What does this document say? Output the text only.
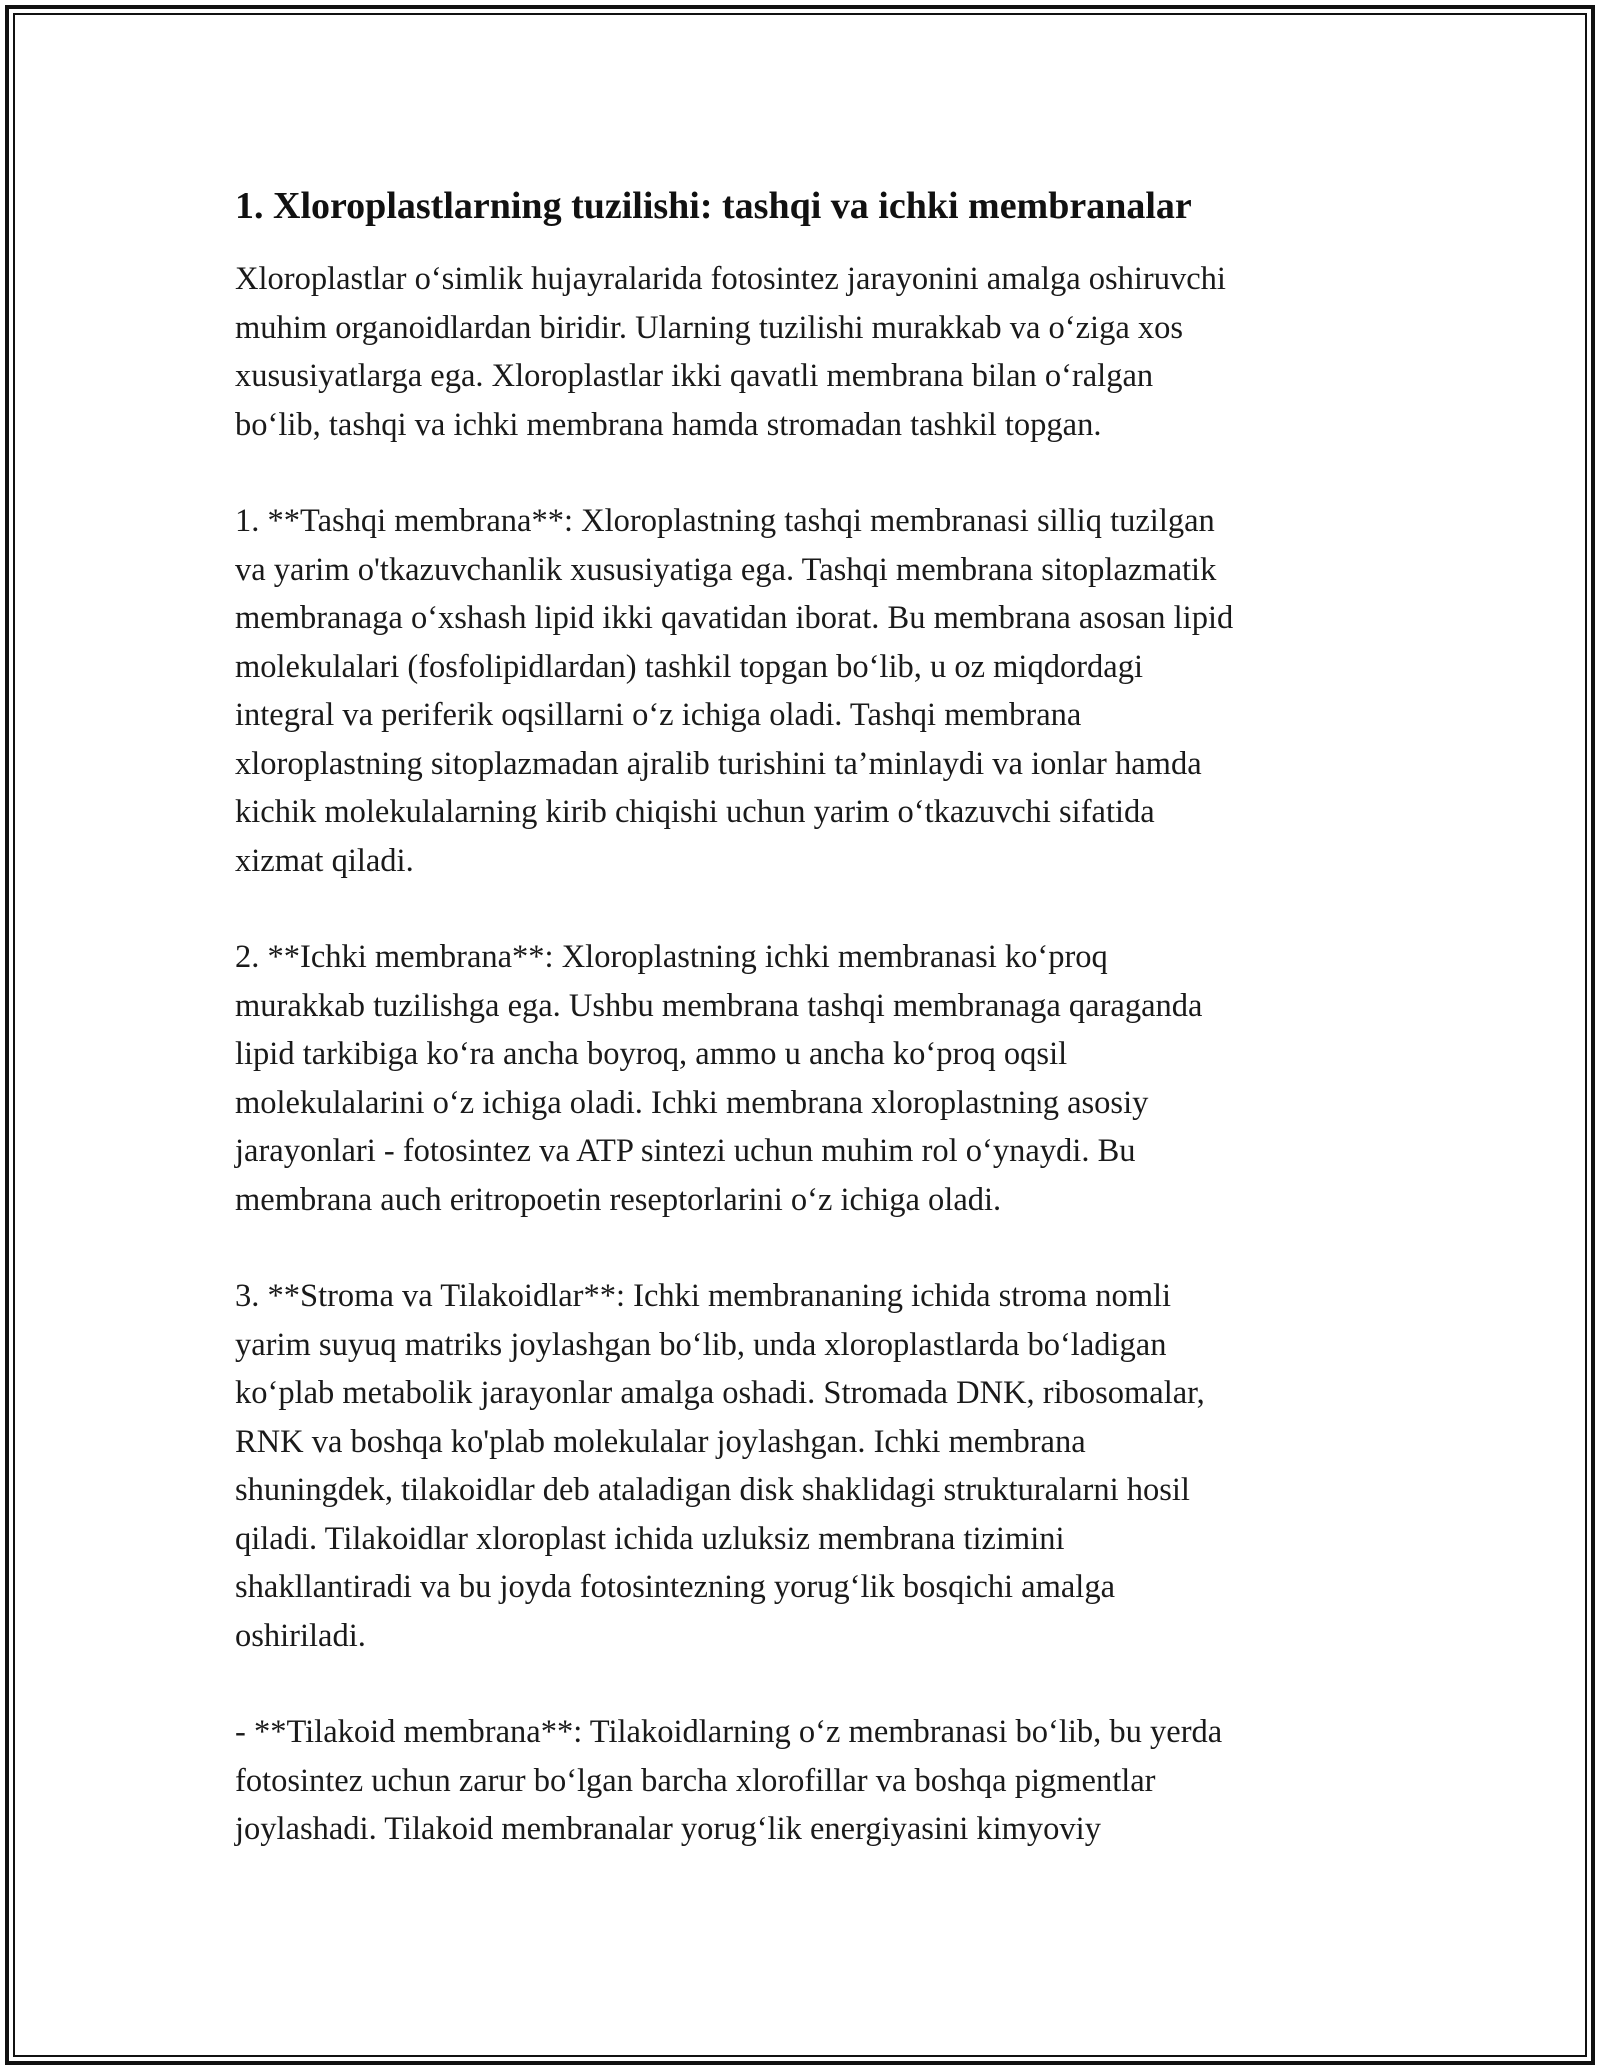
1. Xloroplastlarning tuzilishi: tashqi va ichki membranalar

Xloroplastlar o‘simlik hujayralarida fotosintez jarayonini amalga oshiruvchi
muhim organoidlardan biridir. Ularning tuzilishi murakkab va o‘ziga xos
xususiyatlarga ega. Xloroplastlar ikki qavatli membrana bilan o‘ralgan
bo‘lib, tashqi va ichki membrana hamda stromadan tashkil topgan.

1. **Tashqi membrana**: Xloroplastning tashqi membranasi silliq tuzilgan
va yarim o'tkazuvchanlik xususiyatiga ega. Tashqi membrana sitoplazmatik
membranaga o‘xshash lipid ikki qavatidan iborat. Bu membrana asosan lipid
molekulalari (fosfolipidlardan) tashkil topgan bo‘lib, u oz miqdordagi
integral va periferik oqsillarni o‘z ichiga oladi. Tashqi membrana
xloroplastning sitoplazmadan ajralib turishini ta’minlaydi va ionlar hamda
kichik molekulalarning kirib chiqishi uchun yarim o‘tkazuvchi sifatida
xizmat qiladi.

2. **Ichki membrana**: Xloroplastning ichki membranasi ko‘proq
murakkab tuzilishga ega. Ushbu membrana tashqi membranaga qaraganda
lipid tarkibiga ko‘ra ancha boyroq, ammo u ancha ko‘proq oqsil
molekulalarini o‘z ichiga oladi. Ichki membrana xloroplastning asosiy
jarayonlari - fotosintez va ATP sintezi uchun muhim rol o‘ynaydi. Bu
membrana auch eritropoetin reseptorlarini o‘z ichiga oladi.

3. **Stroma va Tilakoidlar**: Ichki membrananing ichida stroma nomli
yarim suyuq matriks joylashgan bo‘lib, unda xloroplastlarda bo‘ladigan
ko‘plab metabolik jarayonlar amalga oshadi. Stromada DNK, ribosomalar,
RNK va boshqa ko'plab molekulalar joylashgan. Ichki membrana
shuningdek, tilakoidlar deb ataladigan disk shaklidagi strukturalarni hosil
qiladi. Tilakoidlar xloroplast ichida uzluksiz membrana tizimini
shakllantiradi va bu joyda fotosintezning yorug‘lik bosqichi amalga
oshiriladi.

- **Tilakoid membrana**: Tilakoidlarning o‘z membranasi bo‘lib, bu yerda
fotosintez uchun zarur bo‘lgan barcha xlorofillar va boshqa pigmentlar
joylashadi. Tilakoid membranalar yorug‘lik energiyasini kimyoviy
